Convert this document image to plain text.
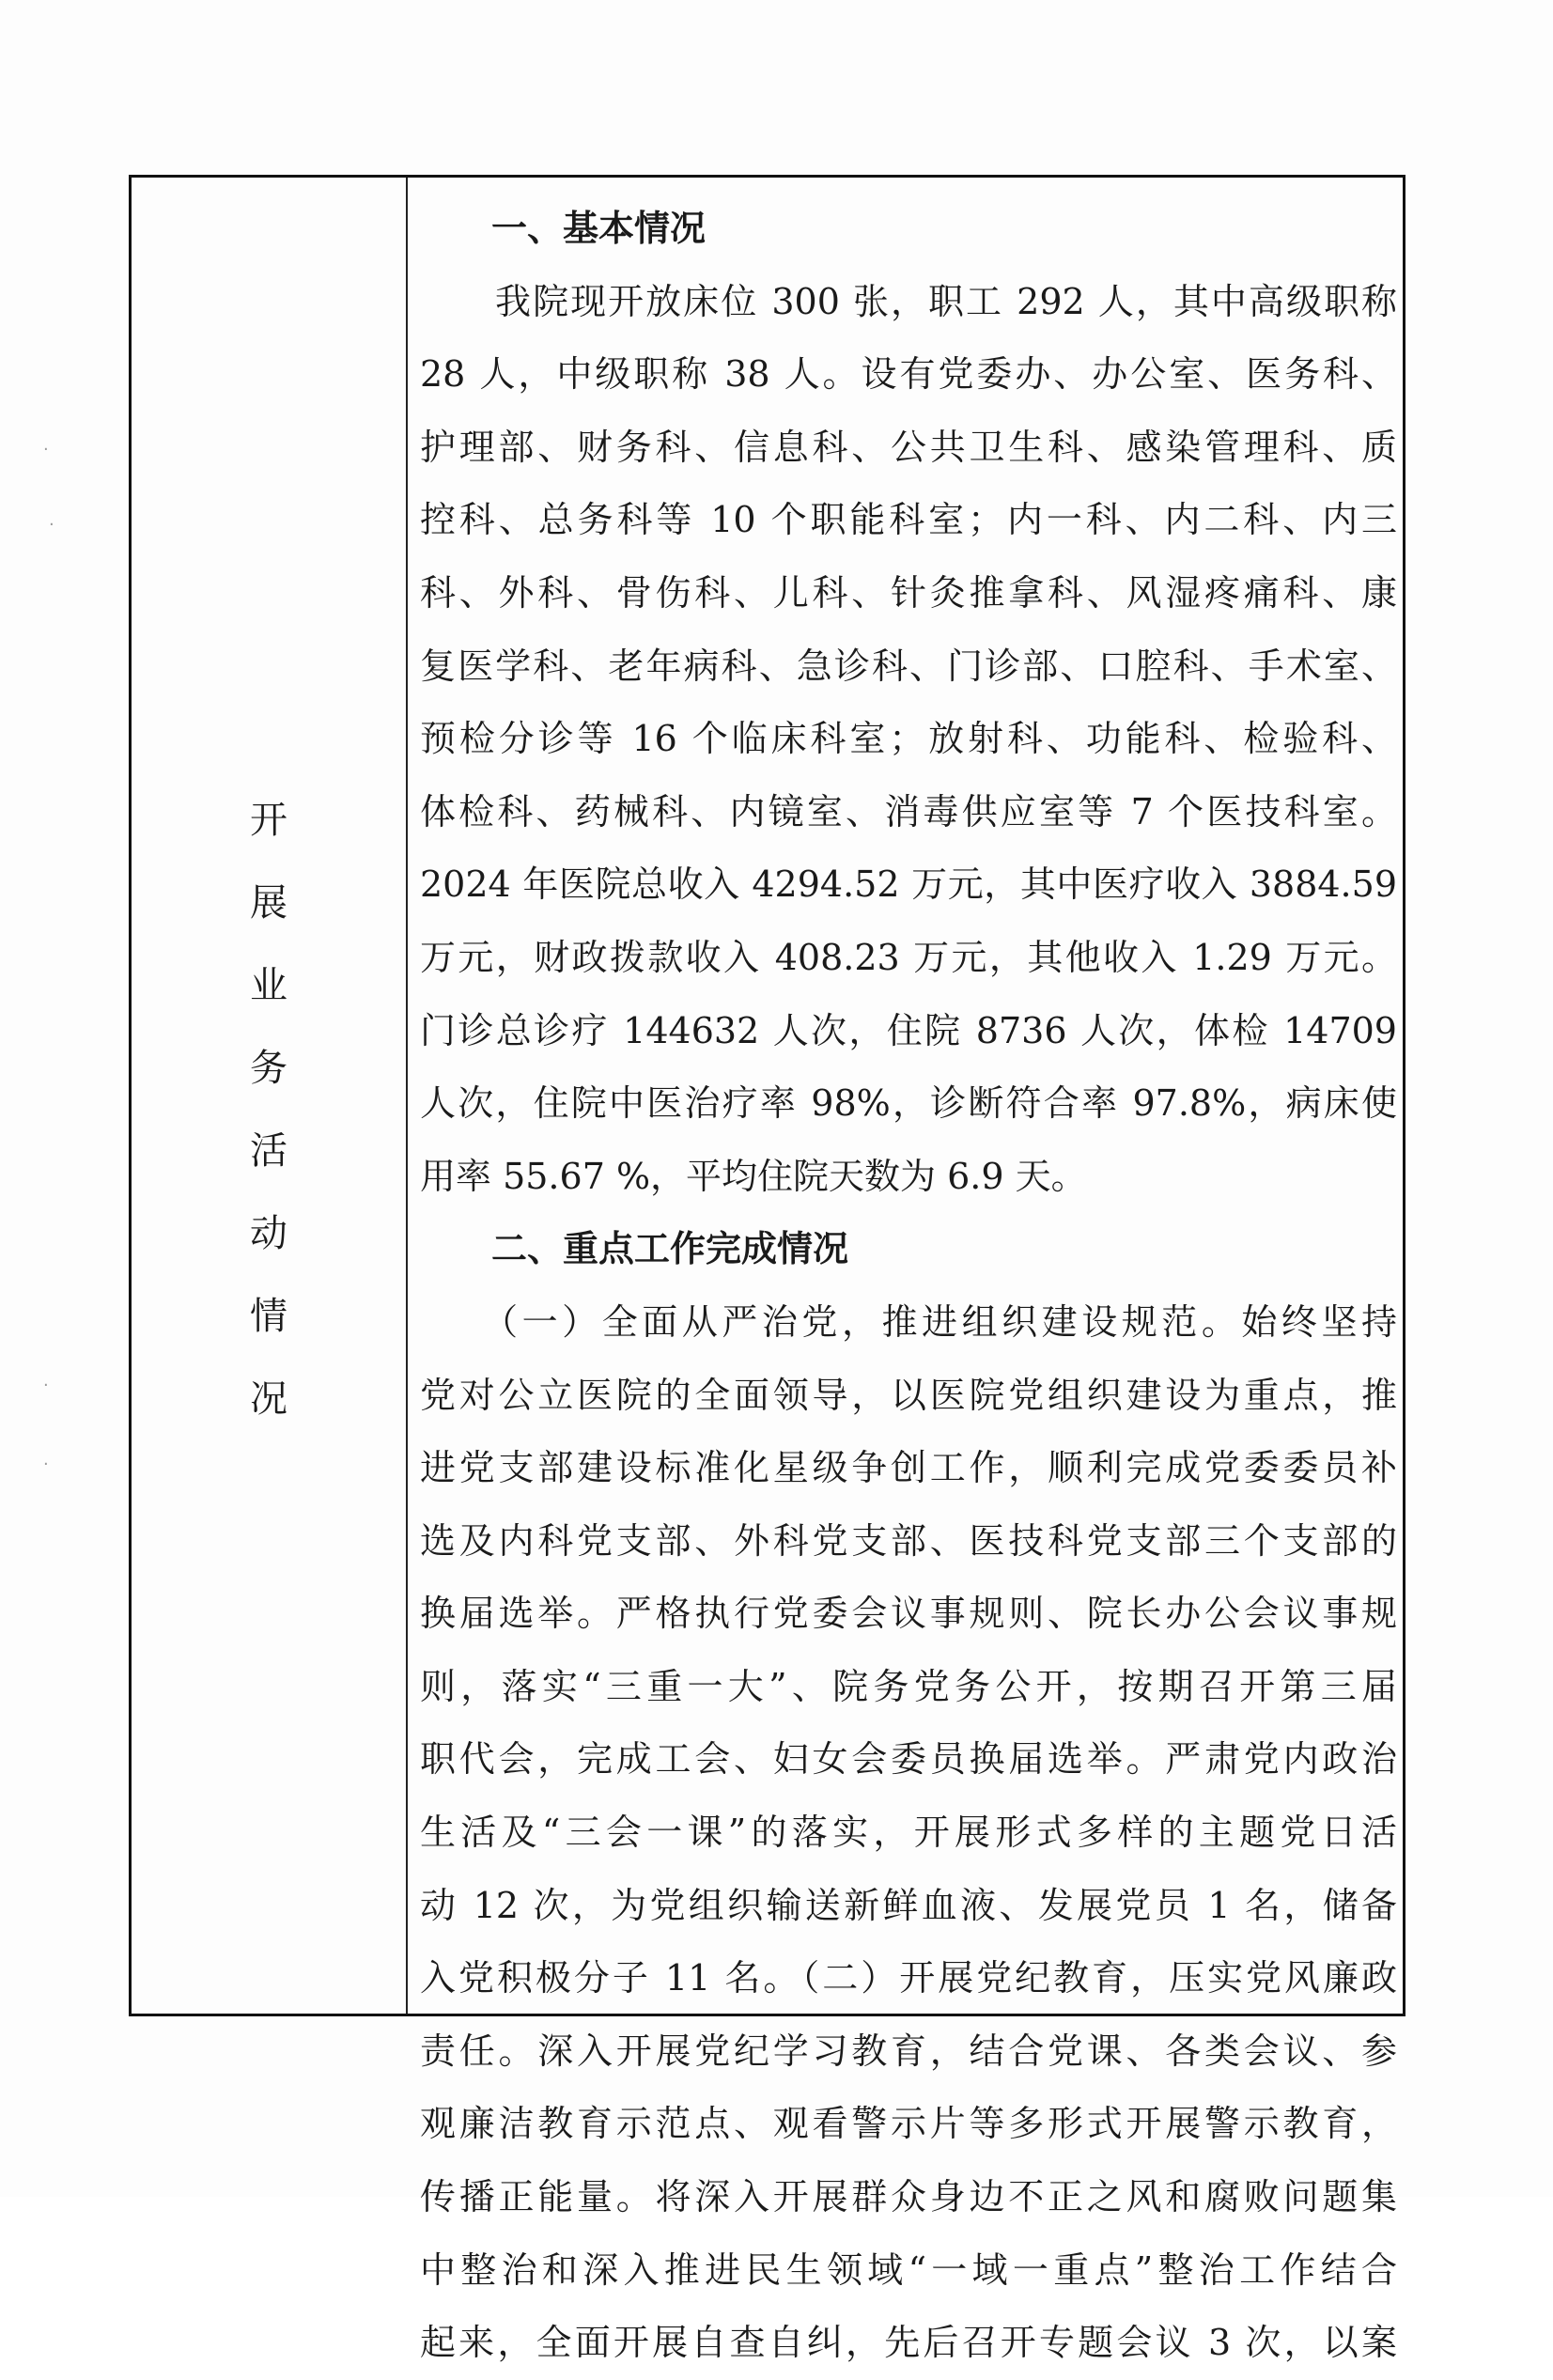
·
·
·
·
开
展
业
务
活
动
情
况
一、基本情况
　　我院现开放床位 300 张，职工 292 人，其中高级职称
28 人，中级职称 38 人。设有党委办、办公室、医务科、
护理部、财务科、信息科、公共卫生科、感染管理科、质
控科、总务科等 10 个职能科室；内一科、内二科、内三
科、外科、骨伤科、儿科、针灸推拿科、风湿疼痛科、康
复医学科、老年病科、急诊科、门诊部、口腔科、手术室、
预检分诊等 16 个临床科室；放射科、功能科、检验科、
体检科、药械科、内镜室、消毒供应室等 7 个医技科室。
2024 年医院总收入 4294.52 万元，其中医疗收入 3884.59
万元，财政拨款收入 408.23 万元，其他收入 1.29 万元。
门诊总诊疗 144632 人次，住院 8736 人次，体检 14709
人次，住院中医治疗率 98%，诊断符合率 97.8%，病床使
用率 55.67 %，平均住院天数为 6.9 天。
二、重点工作完成情况
　　（一）全面从严治党，推进组织建设规范。始终坚持
党对公立医院的全面领导，以医院党组织建设为重点，推
进党支部建设标准化星级争创工作，顺利完成党委委员补
选及内科党支部、外科党支部、医技科党支部三个支部的
换届选举。严格执行党委会议事规则、院长办公会议事规
则，落实“三重一大”、院务党务公开，按期召开第三届
职代会，完成工会、妇女会委员换届选举。严肃党内政治
生活及“三会一课”的落实，开展形式多样的主题党日活
动 12 次，为党组织输送新鲜血液、发展党员 1 名，储备
入党积极分子 11 名。（二）开展党纪教育，压实党风廉政
责任。深入开展党纪学习教育，结合党课、各类会议、参
观廉洁教育示范点、观看警示片等多形式开展警示教育，
传播正能量。将深入开展群众身边不正之风和腐败问题集
中整治和深入推进民生领域“一域一重点”整治工作结合
起来，全面开展自查自纠，先后召开专题会议 3 次，以案
